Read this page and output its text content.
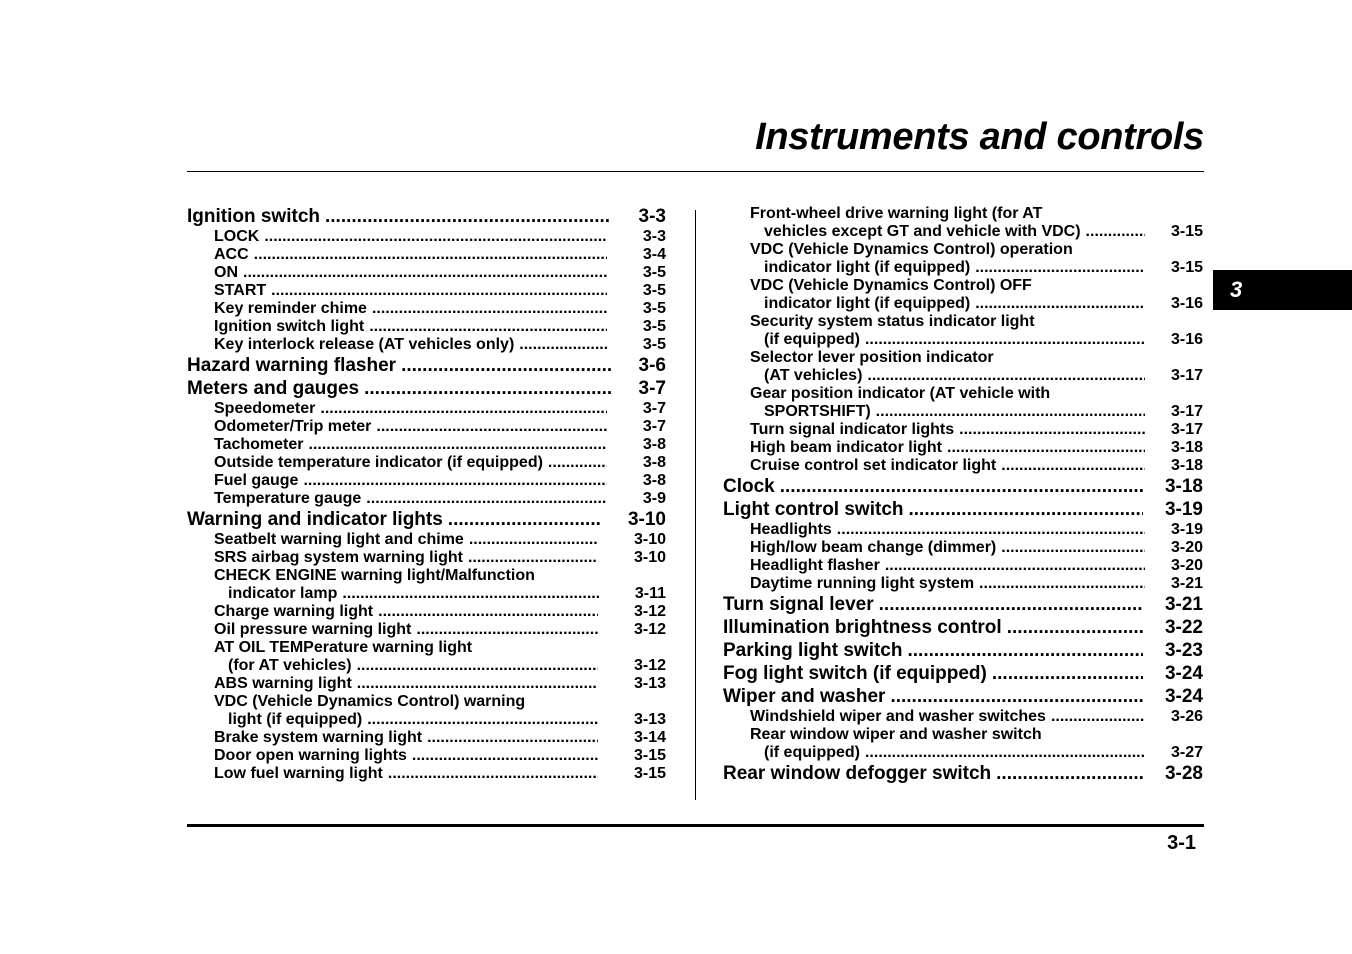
Instruments and controls
Ignition switch .....	3-3
LOCK .....	3-3
ACC .....	3-4
ON .....	3-5
START .....	3-5
Key reminder chime .....	3-5
Ignition switch light .....	3-5
Key interlock release (AT vehicles only) .....	3-5
Hazard warning flasher .....	3-6
Meters and gauges .....	3-7
Speedometer .....	3-7
Odometer/Trip meter .....	3-7
Tachometer .....	3-8
Outside temperature indicator (if equipped) .....	3-8
Fuel gauge .....	3-8
Temperature gauge .....	3-9
Warning and indicator lights .....	3-10
Seatbelt warning light and chime .....	3-10
SRS airbag system warning light .....	3-10
CHECK ENGINE warning light/Malfunction
indicator lamp .....	3-11
Charge warning light .....	3-12
Oil pressure warning light .....	3-12
AT OIL TEMPerature warning light
(for AT vehicles) .....	3-12
ABS warning light .....	3-13
VDC (Vehicle Dynamics Control) warning
light (if equipped) .....	3-13
Brake system warning light .....	3-14
Door open warning lights .....	3-15
Low fuel warning light .....	3-15
Front-wheel drive warning light (for AT
vehicles except GT and vehicle with VDC) .....	3-15
VDC (Vehicle Dynamics Control) operation
indicator light (if equipped) .....	3-15
VDC (Vehicle Dynamics Control) OFF
indicator light (if equipped) .....	3-16
Security system status indicator light
(if equipped) .....	3-16
Selector lever position indicator
(AT vehicles) .....	3-17
Gear position indicator (AT vehicle with
SPORTSHIFT) .....	3-17
Turn signal indicator lights .....	3-17
High beam indicator light .....	3-18
Cruise control set indicator light .....	3-18
Clock .....	3-18
Light control switch .....	3-19
Headlights .....	3-19
High/low beam change (dimmer) .....	3-20
Headlight flasher .....	3-20
Daytime running light system .....	3-21
Turn signal lever .....	3-21
Illumination brightness control .....	3-22
Parking light switch .....	3-23
Fog light switch (if equipped) .....	3-24
Wiper and washer .....	3-24
Windshield wiper and washer switches .....	3-26
Rear window wiper and washer switch
(if equipped) .....	3-27
Rear window defogger switch .....	3-28
3
3-1
